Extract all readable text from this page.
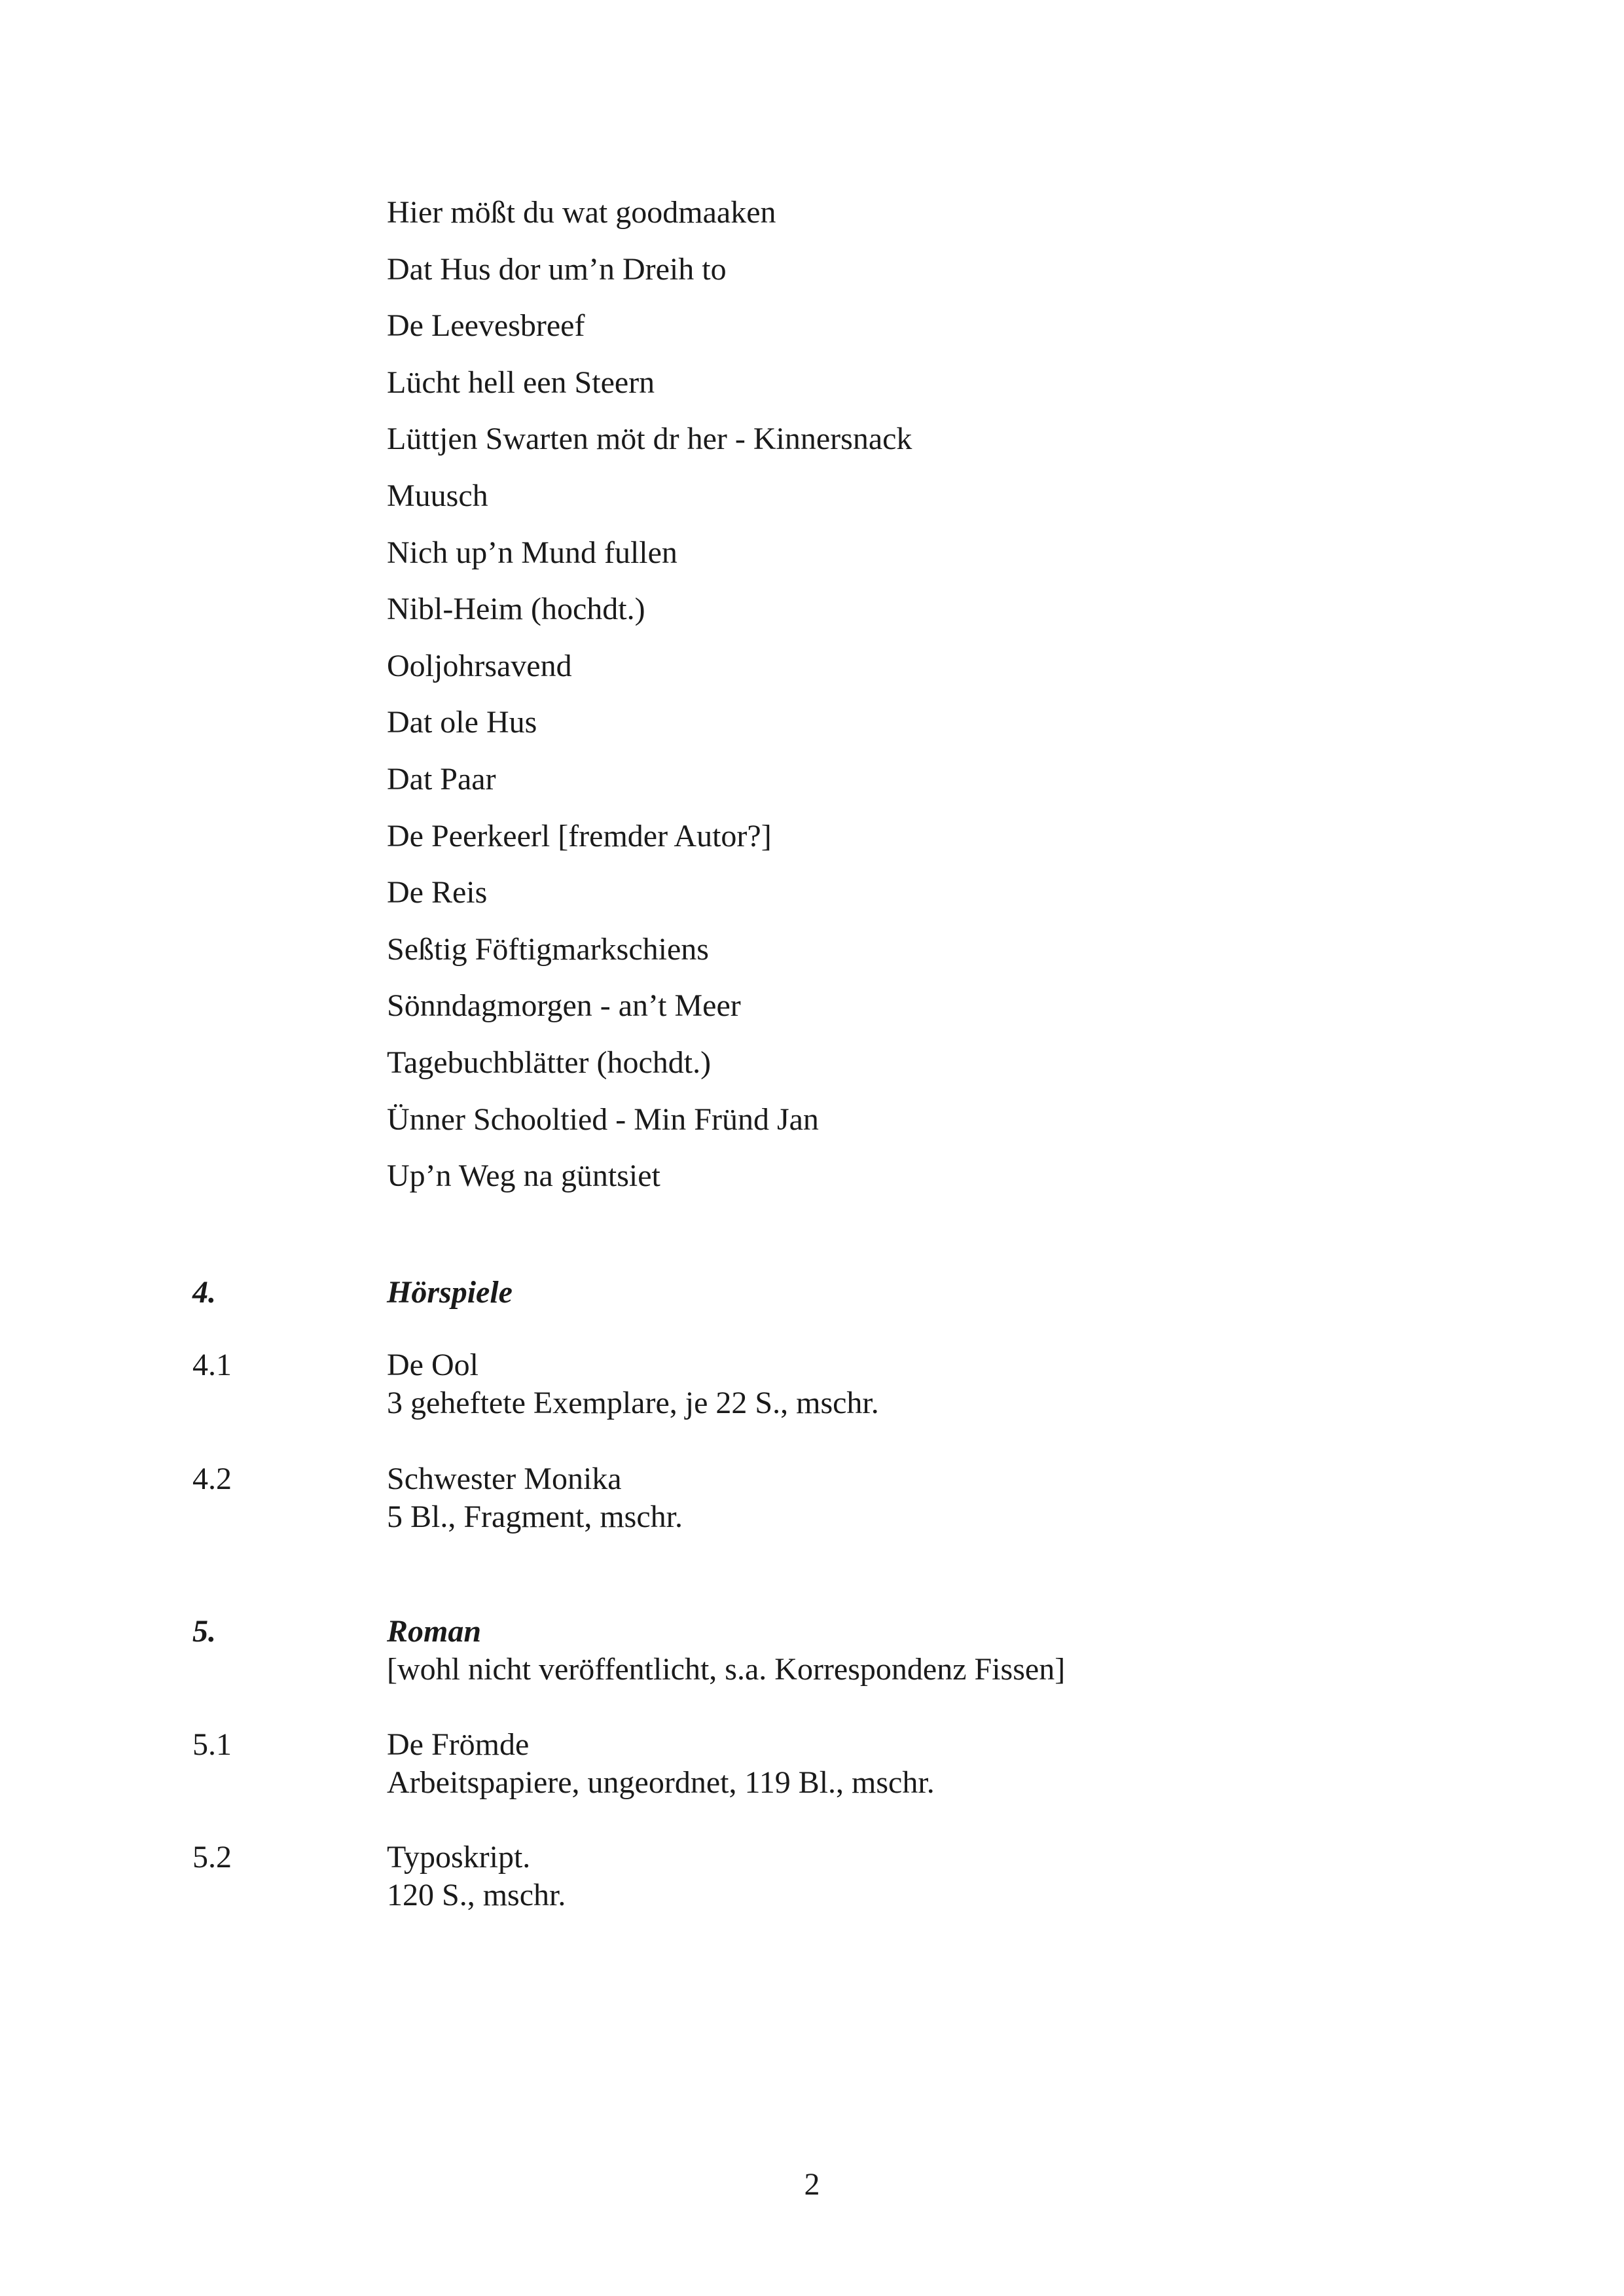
Hier mößt du wat goodmaaken
Dat Hus dor um’n Dreih to
De Leevesbreef
Lücht hell een Steern
Lüttjen Swarten möt dr her - Kinnersnack
Muusch
Nich up’n Mund fullen
Nibl-Heim (hochdt.)
Ooljohrsavend
Dat ole Hus
Dat Paar
De Peerkeerl [fremder Autor?]
De Reis
Seßtig Föftigmarkschiens
Sönndagmorgen - an’t Meer
Tagebuchblätter (hochdt.)
Ünner Schooltied - Min Fründ Jan
Up’n Weg na güntsiet
4.	Hörspiele
4.1	De Ool
3 geheftete Exemplare, je 22 S., mschr.
4.2	Schwester Monika
5 Bl., Fragment, mschr.
5.	Roman
[wohl nicht veröffentlicht, s.a. Korrespondenz Fissen]
5.1	De Frömde
Arbeitspapiere, ungeordnet, 119 Bl., mschr.
5.2	Typoskript.
120 S., mschr.
2
